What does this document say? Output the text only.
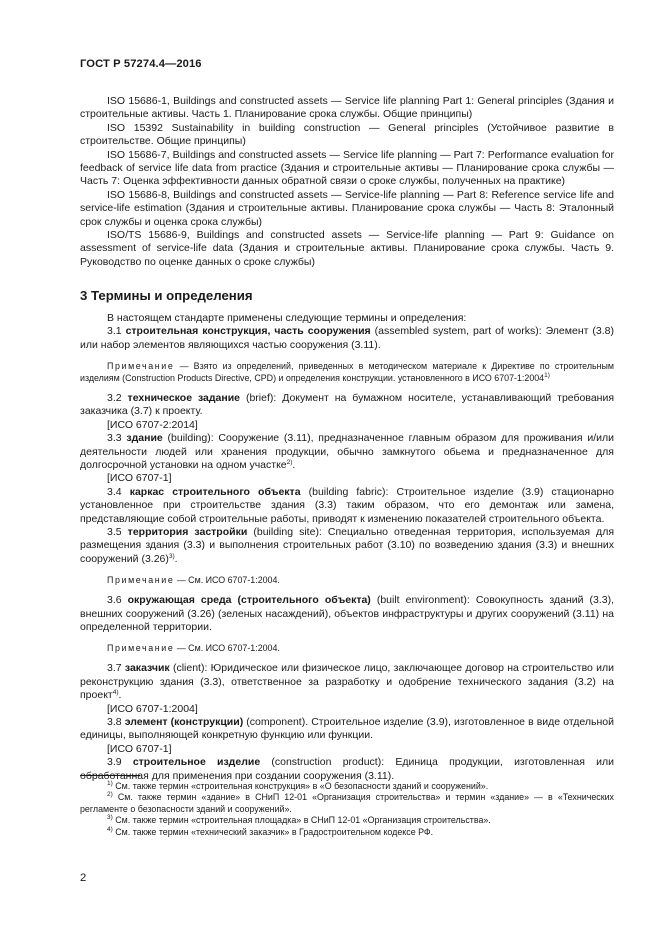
ГОСТ Р 57274.4—2016

ISO 15686-1, Buildings and constructed assets — Service life planning Part 1: General principles (Здания и строительные активы. Часть 1. Планирование срока службы. Общие принципы)

ISO 15392 Sustainability in building construction — General principles (Устойчивое развитие в строительстве. Общие принципы)

ISO 15686-7, Buildings and constructed assets — Service life planning — Part 7: Performance evaluation for feedback of service life data from practice (Здания и строительные активы — Планирование срока службы — Часть 7: Оценка эффективности данных обратной связи о сроке службы, полученных на практике)

ISO 15686-8, Buildings and constructed assets — Service-life planning — Part 8: Reference service life and service-life estimation (Здания и строительные активы. Планирование срока службы — Часть 8: Эталонный срок службы и оценка срока службы)

ISO/TS 15686-9, Buildings and constructed assets — Service-life planning — Part 9: Guidance on assessment of service-life data (Здания и строительные активы. Планирование срока службы. Часть 9. Руководство по оценке данных о сроке службы)

3 Термины и определения

В настоящем стандарте применены следующие термины и определения:

3.1 строительная конструкция, часть сооружения (assembled system, part of works): Элемент (3.8) или набор элементов являющихся частью сооружения (3.11).

Примечание — Взято из определений, приведенных в методическом материале к Директиве по строительным изделиям (Construction Products Directive, CPD) и определения конструкции. установленного в ИСО 6707-1:2004$^{1)}$

3.2 техническое задание (brief): Документ на бумажном носителе, устанавливающий требования заказчика (3.7) к проекту.

[ИСО 6707-2:2014]

3.3 здание (building): Сооружение (3.11), предназначенное главным образом для проживания и/или деятельности людей или хранения продукции, обычно замкнутого обьема и предназначенное для долгосрочной установки на одном участке$^{2)}$.

[ИСО 6707-1]

3.4 каркас строительного объекта (building fabric): Строительное изделие (3.9) стационарно установленное при строительстве здания (3.3) таким образом, что его демонтаж или замена, представляющие собой строительные работы, приводят к изменению показателей строительного объекта.

3.5 территория застройки (building site): Специально отведенная территория, используемая для размещения здания (3.3) и выполнения строительных работ (3.10) по возведению здания (3.3) и внешних сооружений $(3.26)^{3)}$.

Примечание — См. ИСО 6707-1:2004.

3.6 окружающая среда (строительного объекта) (built environment): Совокупность зданий (3.3), внешних сооружений (3.26) (зеленых насаждений), объектов инфраструктуры и других сооружений (3.11) на определенной территории.

Примечание — См. ИСО 6707-1:2004.

3.7 заказчик (client): Юридическое или физическое лицо, заключающее договор на строительство или реконструкцию здания (3.3), ответственное за разработку и одобрение технического задания (3.2) на проект$^{4)}$.

[ИСО 6707-1:2004]

3.8 элемент (конструкции) (component). Строительное изделие (3.9), изготовленное в виде отдельной единицы, выполняющей конкретную функцию или функции.

[ИСО 6707-1]

3.9 строительное изделие (construction product): Единица продукции, изготовленная или обработанная для применения при создании сооружения (3.11).

$^{1)}$ См. также термин «строительная конструкция» в «О безопасности зданий и сооружений».

$^{2)}$ См. также термин «здание» в СНиП 12-01 «Организация строительства» и термин «здание» — в «Технических регламенте о безопасности зданий и сооружений».

$^{3)}$ См. также термин «строительная площадка» в СНиП 12-01 «Организация строительства».

$^{4)}$ См. также термин «технический заказчик» в Градостроительном кодексе РФ.

2
